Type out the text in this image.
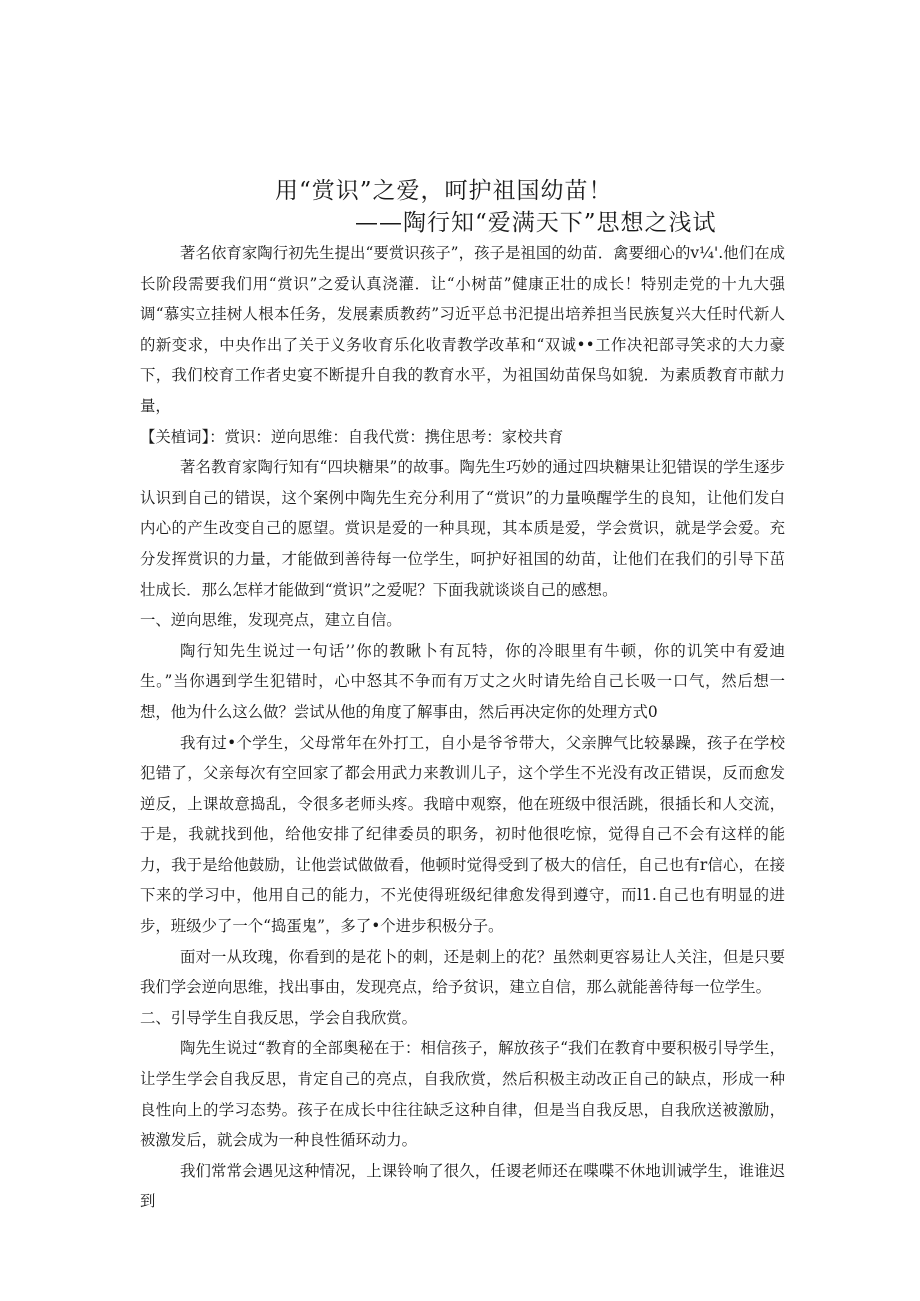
用“赏识”之爱，呵护祖国幼苗！
——陶行知“爱满天下”思想之浅试

著名依育家陶行初先生提出“要赏识孩子”，孩子是祖国的幼苗．禽要细心的v¼'.他们在成长阶段需要我们用“赏识”之爱认真浇灌．让“小树苗”健康正壮的成长！特别走党的十九大强调“慕实立挂树人根本任务，发展素质教药”习近平总书汜提出培养担当民族复兴大任时代新人的新变求，中央作出了关于义务收育乐化收青教学改革和“双诚••工作决祀部寻笑求的大力豪下，我们校育工作者史宴不断提升自我的教育水平，为祖国幼苗保鸟如貌．为素质教育市献力量，

【关植词】：赏识：逆向思维：自我代赏：携住思考：家校共育

著名教育家陶行知有“四块糖果”的故事。陶先生巧妙的通过四块糖果让犯错误的学生逐步认识到自己的错误，这个案例中陶先生充分利用了“赏识”的力量唤醒学生的良知，让他们发白内心的产生改变自己的愿望。赏识是爱的一种具现，其本质是爱，学会赏识，就是学会爱。充分发挥赏识的力量，才能做到善待每一位学生，呵护好祖国的幼苗，让他们在我们的引导下茁壮成长．那么怎样才能做到“赏识”之爱呢？下面我就谈谈自己的感想。

一、逆向思维，发现亮点，建立自信。

陶行知先生说过一句话’’你的教瞅卜有瓦特，你的冷眼里有牛顿，你的讥笑中有爱迪生。”当你遇到学生犯错时，心中怒其不争而有万丈之火时请先给自己长吸一口气，然后想一想，他为什么这么做？尝试从他的角度了解事由，然后再决定你的处理方式0

我有过•个学生，父母常年在外打工，自小是爷爷带大，父亲脾气比较暴躁，孩子在学校犯错了，父亲每次有空回家了都会用武力来教训儿子，这个学生不光没有改正错误，反而愈发逆反，上课故意捣乱，令很多老师头疼。我暗中观察，他在班级中很活跳，很插长和人交流，于是，我就找到他，给他安排了纪律委员的职务，初时他很吃惊，觉得自己不会有这样的能力，我于是给他鼓励，让他尝试做做看，他顿时觉得受到了极大的信任，自己也有r信心，在接下来的学习中，他用自己的能力，不光使得班级纪律愈发得到遵守，而l1.自己也有明显的进步，班级少了一个“捣蛋鬼”，多了•个进步积极分子。

面对一从玫瑰，你看到的是花卜的刺，还是刺上的花？虽然刺更容易让人关注，但是只要我们学会逆向思维，找出事由，发现亮点，给予贫识，建立自信，那么就能善待每一位学生。

二、引导学生自我反思，学会自我欣赏。

陶先生说过“教育的全部奥秘在于：相信孩子，解放孩子“我们在教育中要积极引导学生，让学生学会自我反思，肯定自己的亮点，自我欣赏，然后积极主动改正自己的缺点，形成一种良性向上的学习态势。孩子在成长中往往缺乏这种自律，但是当自我反思，自我欣送被激励，被激发后，就会成为一种良性循环动力。

我们常常会遇见这种情况，上课铃响了很久，任谡老师还在喋喋不休地训诫学生，谁谁迟到
